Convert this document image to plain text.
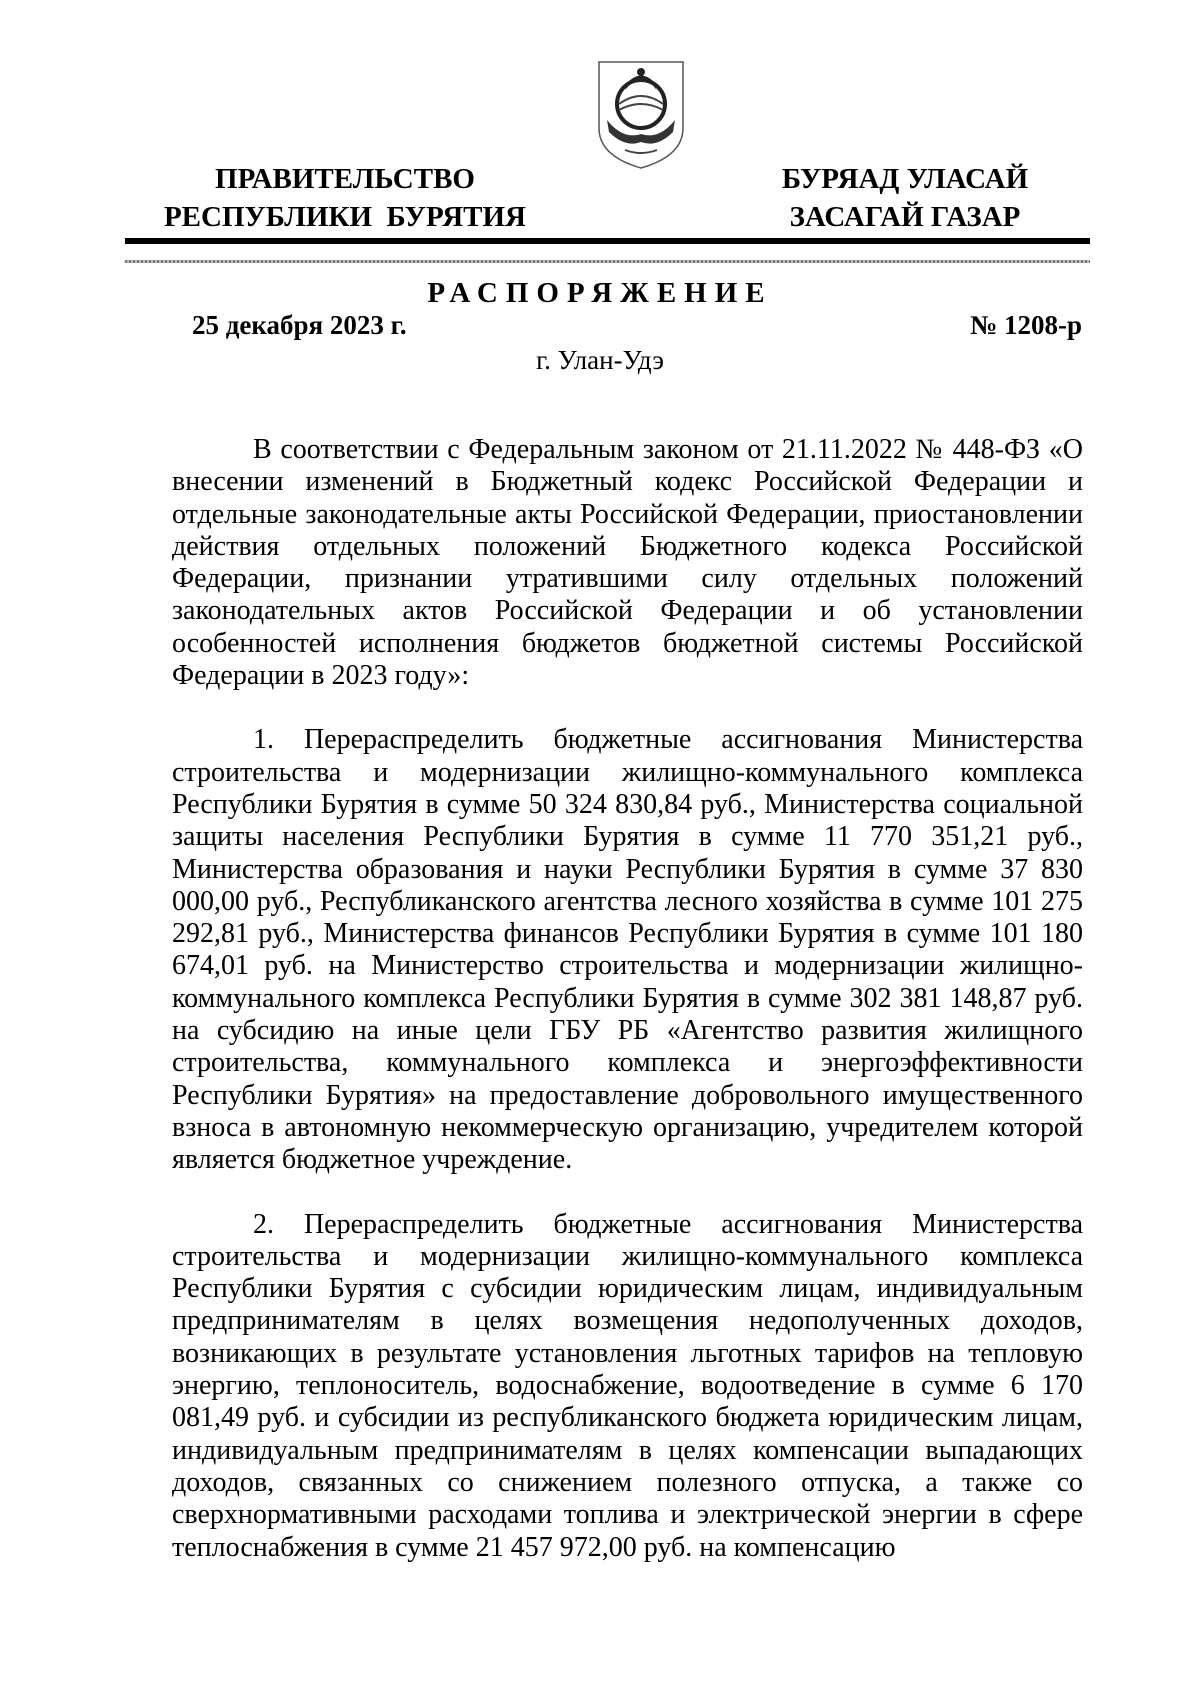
ПРАВИТЕЛЬСТВО
РЕСПУБЛИКИ  БУРЯТИЯ
БУРЯАД УЛАСАЙ
ЗАСАГАЙ ГАЗАР
РАСПОРЯЖЕНИЕ
25 декабря 2023 г.	№ 1208-р
г. Улан-Удэ

В соответствии с Федеральным законом от 21.11.2022 № 448-ФЗ «О внесении изменений в Бюджетный кодекс Российской Федерации и отдельные законодательные акты Российской Федерации, приостановлении действия отдельных положений Бюджетного кодекса Российской Федерации, признании утратившими силу отдельных положений законодательных актов Российской Федерации и об установлении особенностей исполнения бюджетов бюджетной системы Российской Федерации в 2023 году»:

1. Перераспределить бюджетные ассигнования Министерства строительства и модернизации жилищно-коммунального комплекса Республики Бурятия в сумме 50 324 830,84 руб., Министерства социальной защиты населения Республики Бурятия в сумме 11 770 351,21 руб., Министерства образования и науки Республики Бурятия в сумме 37 830 000,00 руб., Республиканского агентства лесного хозяйства в сумме 101 275 292,81 руб., Министерства финансов Республики Бурятия в сумме 101 180 674,01 руб. на Министерство строительства и модернизации жилищно-коммунального комплекса Республики Бурятия в сумме 302 381 148,87 руб. на субсидию на иные цели ГБУ РБ «Агентство развития жилищного строительства, коммунального комплекса и энергоэффективности Республики Бурятия» на предоставление добровольного имущественного взноса в автономную некоммерческую организацию, учредителем которой является бюджетное учреждение.

2. Перераспределить бюджетные ассигнования Министерства строительства и модернизации жилищно-коммунального комплекса Республики Бурятия с субсидии юридическим лицам, индивидуальным предпринимателям в целях возмещения недополученных доходов, возникающих в результате установления льготных тарифов на тепловую энергию, теплоноситель, водоснабжение, водоотведение в сумме 6 170 081,49 руб. и субсидии из республиканского бюджета юридическим лицам, индивидуальным предпринимателям в целях компенсации выпадающих доходов, связанных со снижением полезного отпуска, а также со сверхнормативными расходами топлива и электрической энергии в сфере теплоснабжения в сумме 21 457 972,00 руб. на компенсацию
